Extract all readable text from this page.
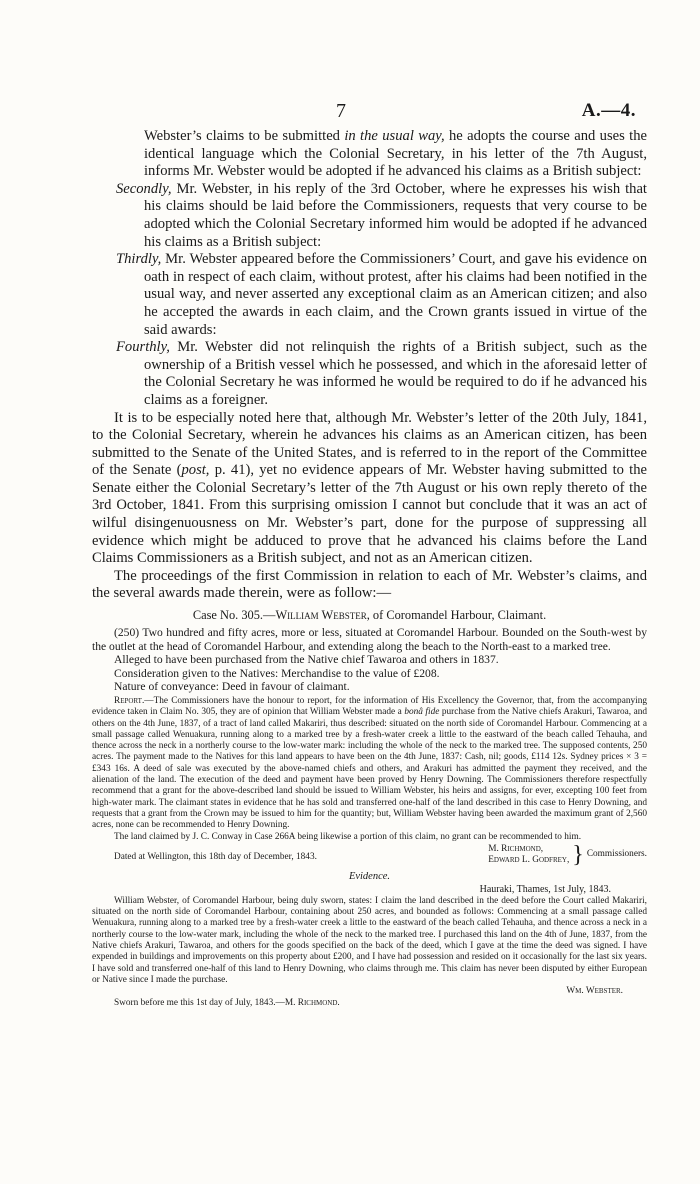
7	A.—4.

Webster’s claims to be submitted in the usual way, he adopts the course and uses the identical language which the Colonial Secretary, in his letter of the 7th August, informs Mr. Webster would be adopted if he advanced his claims as a British subject:

Secondly, Mr. Webster, in his reply of the 3rd October, where he expresses his wish that his claims should be laid before the Commissioners, requests that very course to be adopted which the Colonial Secretary informed him would be adopted if he advanced his claims as a British subject:

Thirdly, Mr. Webster appeared before the Commissioners’ Court, and gave his evidence on oath in respect of each claim, without protest, after his claims had been notified in the usual way, and never asserted any exceptional claim as an American citizen; and also he accepted the awards in each claim, and the Crown grants issued in virtue of the said awards:

Fourthly, Mr. Webster did not relinquish the rights of a British subject, such as the ownership of a British vessel which he possessed, and which in the aforesaid letter of the Colonial Secretary he was informed he would be required to do if he advanced his claims as a foreigner.

It is to be especially noted here that, although Mr. Webster’s letter of the 20th July, 1841, to the Colonial Secretary, wherein he advances his claims as an American citizen, has been submitted to the Senate of the United States, and is referred to in the report of the Committee of the Senate (post, p. 41), yet no evidence appears of Mr. Webster having submitted to the Senate either the Colonial Secretary’s letter of the 7th August or his own reply thereto of the 3rd October, 1841. From this surprising omission I cannot but conclude that it was an act of wilful disingenuousness on Mr. Webster’s part, done for the purpose of suppressing all evidence which might be adduced to prove that he advanced his claims before the Land Claims Commissioners as a British subject, and not as an American citizen.

The proceedings of the first Commission in relation to each of Mr. Webster’s claims, and the several awards made therein, were as follow:—

Case No. 305.—William Webster, of Coromandel Harbour, Claimant.

(250) Two hundred and fifty acres, more or less, situated at Coromandel Harbour. Bounded on the South-west by the outlet at the head of Coromandel Harbour, and extending along the beach to the North-east to a marked tree.

Alleged to have been purchased from the Native chief Tawaroa and others in 1837.

Consideration given to the Natives: Merchandise to the value of £208.

Nature of conveyance: Deed in favour of claimant.

Report.—The Commissioners have the honour to report, for the information of His Excellency the Governor, that, from the accompanying evidence taken in Claim No. 305, they are of opinion that William Webster made a bonâ fide purchase from the Native chiefs Arakuri, Tawaroa, and others on the 4th June, 1837, of a tract of land called Makariri, thus described: situated on the north side of Coromandel Harbour. Commencing at a small passage called Wenuakura, running along to a marked tree by a fresh-water creek a little to the eastward of the beach called Tehauha, and thence across the neck in a northerly course to the low-water mark: including the whole of the neck to the marked tree. The supposed contents, 250 acres. The payment made to the Natives for this land appears to have been on the 4th June, 1837: Cash, nil; goods, £114 12s. Sydney prices × 3 = £343 16s. A deed of sale was executed by the above-named chiefs and others, and Arakuri has admitted the payment they received, and the alienation of the land. The execution of the deed and payment have been proved by Henry Downing. The Commissioners therefore respectfully recommend that a grant for the above-described land should be issued to William Webster, his heirs and assigns, for ever, excepting 100 feet from high-water mark. The claimant states in evidence that he has sold and transferred one-half of the land described in this case to Henry Downing, and requests that a grant from the Crown may be issued to him for the quantity; but, William Webster having been awarded the maximum grant of 2,560 acres, none can be recommended to Henry Downing.

The land claimed by J. C. Conway in Case 266A being likewise a portion of this claim, no grant can be recommended to him.

M. Richmond,
Edward L. Godfrey, } Commissioners.

Dated at Wellington, this 18th day of December, 1843.

Evidence.

Hauraki, Thames, 1st July, 1843.

William Webster, of Coromandel Harbour, being duly sworn, states: I claim the land described in the deed before the Court called Makariri, situated on the north side of Coromandel Harbour, containing about 250 acres, and bounded as follows: Commencing at a small passage called Wenuakura, running along to a marked tree by a fresh-water creek a little to the eastward of the beach called Tehauha, and thence across a neck in a northerly course to the low-water mark, including the whole of the neck to the marked tree. I purchased this land on the 4th of June, 1837, from the Native chiefs Arakuri, Tawaroa, and others for the goods specified on the back of the deed, which I gave at the time the deed was signed. I have expended in buildings and improvements on this property about £200, and I have had possession and resided on it occasionally for the last six years. I have sold and transferred one-half of this land to Henry Downing, who claims through me. This claim has never been disputed by either European or Native since I made the purchase.

Wm. Webster.

Sworn before me this 1st day of July, 1843.—M. Richmond.
